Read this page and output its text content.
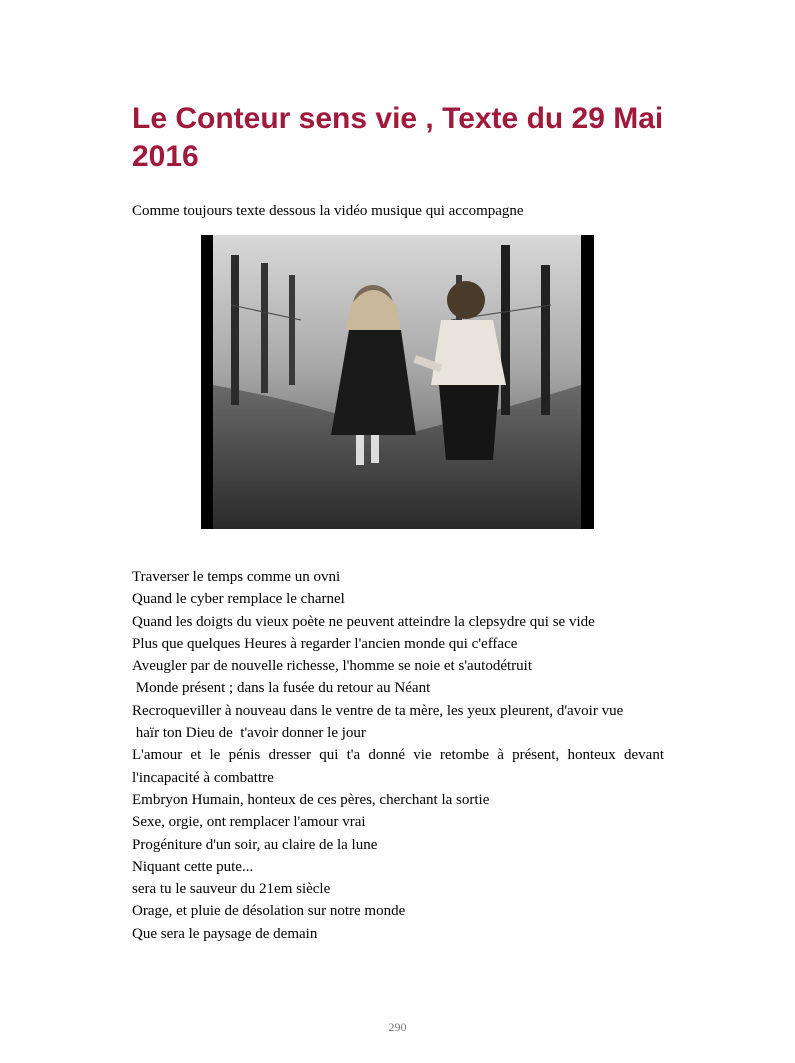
Le Conteur sens vie , Texte du 29 Mai 2016
Comme toujours texte dessous la vidéo musique qui accompagne
Traverser le temps comme un ovni
Quand le cyber remplace le charnel
Quand les doigts du vieux poète ne peuvent atteindre la clepsydre qui se vide
Plus que quelques Heures à regarder l'ancien monde qui c'efface
Aveugler par de nouvelle richesse, l'homme se noie et s'autodétruit
Monde présent ; dans la fusée du retour au Néant
Recroqueviller à nouveau dans le ventre de ta mère, les yeux pleurent, d'avoir vue
haïr ton Dieu de  t'avoir donner le jour
L'amour et le pénis dresser qui t'a donné vie retombe à présent, honteux devant l'incapacité à combattre
Embryon Humain, honteux de ces pères, cherchant la sortie
Sexe, orgie, ont remplacer l'amour vrai
Progéniture d'un soir, au claire de la lune
Niquant cette pute...
sera tu le sauveur du 21em siècle
Orage, et pluie de désolation sur notre monde
Que sera le paysage de demain
290
